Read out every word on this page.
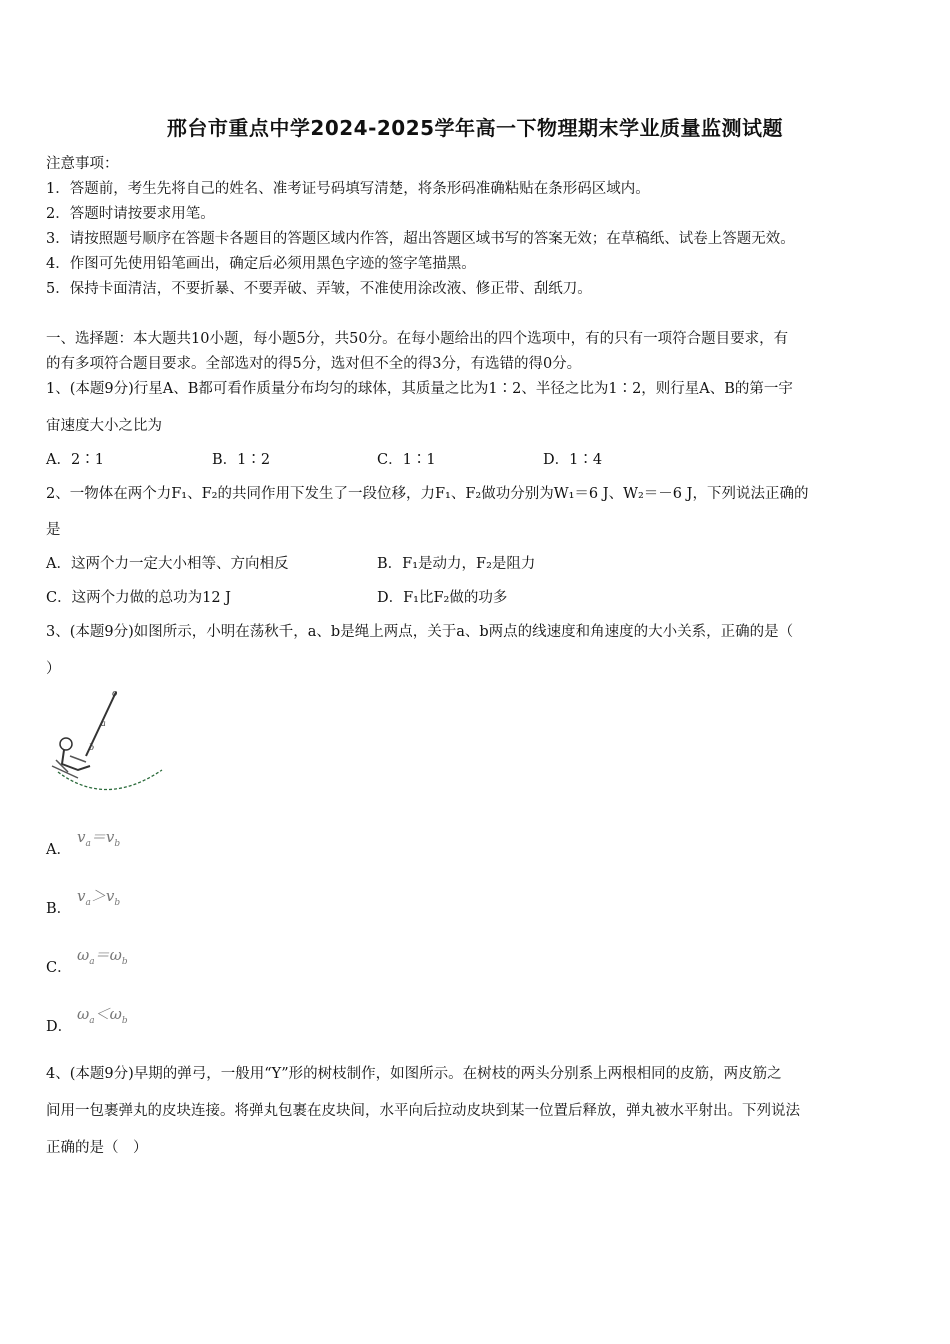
邢台市重点中学2024-2025学年高一下物理期末学业质量监测试题
注意事项：
1．答题前，考生先将自己的姓名、准考证号码填写清楚，将条形码准确粘贴在条形码区域内。
2．答题时请按要求用笔。
3．请按照题号顺序在答题卡各题目的答题区域内作答，超出答题区域书写的答案无效；在草稿纸、试卷上答题无效。
4．作图可先使用铅笔画出，确定后必须用黑色字迹的签字笔描黑。
5．保持卡面清洁，不要折暴、不要弄破、弄皱，不准使用涂改液、修正带、刮纸刀。
一、选择题：本大题共10小题，每小题5分，共50分。在每小题给出的四个选项中，有的只有一项符合题目要求，有
的有多项符合题目要求。全部选对的得5分，选对但不全的得3分，有选错的得0分。
1、(本题9分)行星A、B都可看作质量分布均匀的球体，其质量之比为1∶2、半径之比为1∶2，则行星A、B的第一宇
宙速度大小之比为
A．2∶1	B．1∶2	C．1∶1	D．1∶4
2、一物体在两个力F₁、F₂的共同作用下发生了一段位移，力F₁、F₂做功分别为W₁＝6 J、W₂＝－6 J，下列说法正确的
是
A．这两个力一定大小相等、方向相反	B．F₁是动力，F₂是阻力
C．这两个力做的总功为12 J	D．F₁比F₂做的功多
3、(本题9分)如图所示，小明在荡秋千，a、b是绳上两点，关于a、b两点的线速度和角速度的大小关系，正确的是（
）
o
a
b
A．
$v_a=v_b$
B．
$v_a>v_b$
C．
$\omega_a=\omega_b$
D．
$\omega_a<\omega_b$
4、(本题9分)早期的弹弓，一般用“Y”形的树枝制作，如图所示。在树枝的两头分别系上两根相同的皮筋，两皮筋之
间用一包裹弹丸的皮块连接。将弹丸包裹在皮块间，水平向后拉动皮块到某一位置后释放，弹丸被水平射出。下列说法
正确的是（　）
